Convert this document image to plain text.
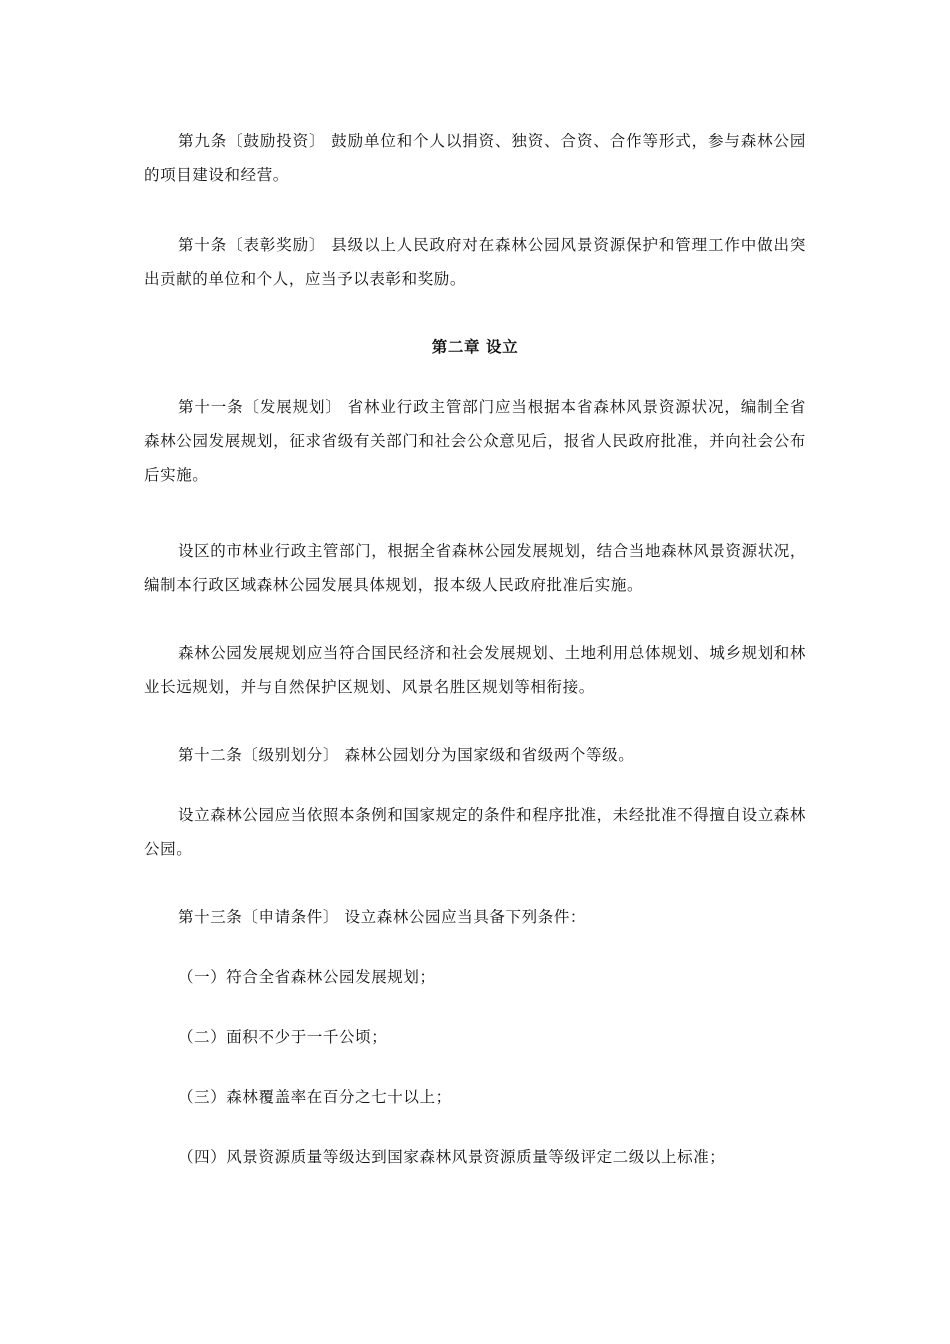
第九条〔鼓励投资〕 鼓励单位和个人以捐资、独资、合资、合作等形式，参与森林公园的项目建设和经营。

第十条〔表彰奖励〕 县级以上人民政府对在森林公园风景资源保护和管理工作中做出突出贡献的单位和个人，应当予以表彰和奖励。

第二章 设立

第十一条〔发展规划〕 省林业行政主管部门应当根据本省森林风景资源状况，编制全省森林公园发展规划，征求省级有关部门和社会公众意见后，报省人民政府批准，并向社会公布后实施。

设区的市林业行政主管部门，根据全省森林公园发展规划，结合当地森林风景资源状况，编制本行政区域森林公园发展具体规划，报本级人民政府批准后实施。

森林公园发展规划应当符合国民经济和社会发展规划、土地利用总体规划、城乡规划和林业长远规划，并与自然保护区规划、风景名胜区规划等相衔接。

第十二条〔级别划分〕 森林公园划分为国家级和省级两个等级。

设立森林公园应当依照本条例和国家规定的条件和程序批准，未经批准不得擅自设立森林公园。

第十三条〔申请条件〕 设立森林公园应当具备下列条件：

（一）符合全省森林公园发展规划；

（二）面积不少于一千公顷；

（三）森林覆盖率在百分之七十以上；

（四）风景资源质量等级达到国家森林风景资源质量等级评定二级以上标准；
